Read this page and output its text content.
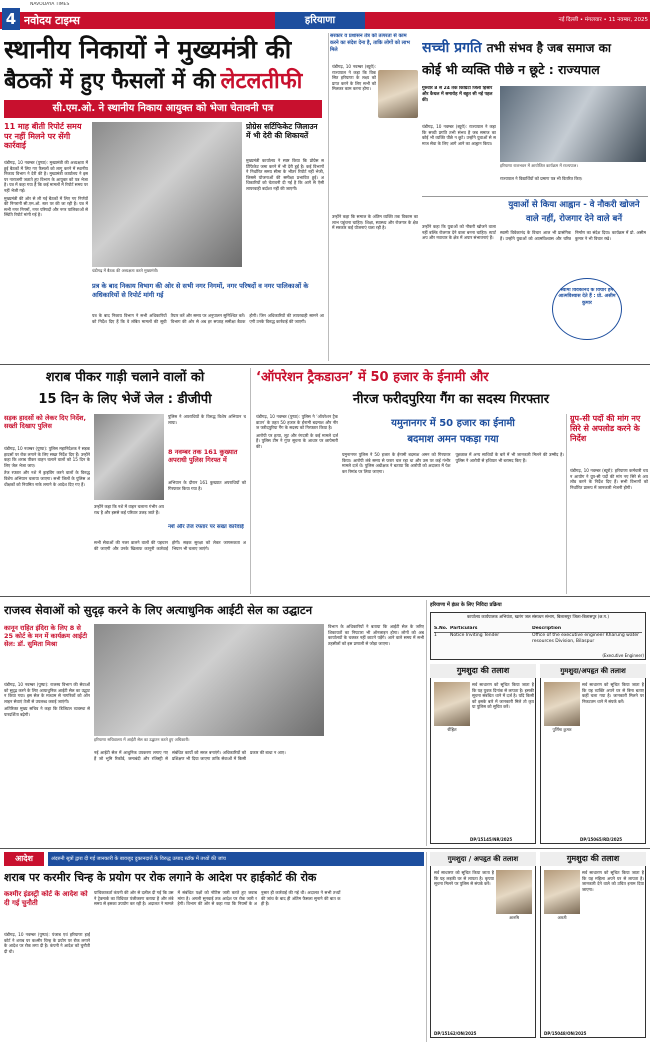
4 नवोदय टाइम्स
NAVODAYA TIMES
हरियाणा	नई दिल्ली • मंगलवार • 11 नवम्बर, 2025
स्थानीय निकायों ने मुख्यमंत्री की
बैठकों में हुए फैसलों में की लेटलतीफी
सी.एम.ओ. ने स्थानीय निकाय आयुक्त को भेजा चेतावनी पत्र
सरकार व प्रशासन तंत्र को तत्परता से काम करने का संदेश देना है, ताकि लोगों को लाभ मिले
11 माह बीती रिपोर्ट समय पर नहीं मिलने पर सेंगी कार्रवाई

चंडीगढ़, 10 नवम्बर (पुष्पा): मुख्यमंत्री की अध्यक्षता में हुई बैठकों में लिए गए फैसलों को लागू करने में स्थानीय निकाय विभाग ने देरी की है। मुख्यमंत्री कार्यालय ने इस पर नाराजगी जताते हुए विभाग के आयुक्त को पत्र भेजा है। पत्र में कहा गया है कि कई मामलों में रिपोर्ट समय पर नहीं भेजी गई।

मुख्यमंत्री की ओर से ली गई बैठकों में लिए गए निर्णयों की निगरानी सी.एम.ओ. स्तर पर की जा रही है। पत्र में सभी नगर निगमों, नगर परिषदों और नगर पालिकाओं से स्थिति रिपोर्ट मांगी गई है।

चंडीगढ़ में बैठक की अध्यक्षता करते मुख्यमंत्री।
प्रोग्रेस सर्टिफिकेट जिलाउन में भी देरी की शिकायतें

मुख्यमंत्री कार्यालय ने स्पष्ट किया कि प्रोग्रेस सर्टिफिकेट जमा करने में भी देरी हुई है। कई विभागों ने निर्धारित समय सीमा के भीतर रिपोर्ट नहीं भेजी, जिससे योजनाओं की समीक्षा प्रभावित हुई। अधिकारियों को चेतावनी दी गई है कि आगे से ऐसी लापरवाही बर्दाश्त नहीं की जाएगी।

प्रत्र के बाद निकाय विभाग की ओर से सभी नगर निगमों, नगर परिषदों व नगर पालिकाओं के अधिकारियों से रिपोर्ट मांगी गई

पत्र के बाद निकाय विभाग ने सभी अधिकारियों को निर्देश दिए हैं कि वे लंबित मामलों की सूची तैयार करें और समय पर अनुपालन सुनिश्चित करें। विभाग की ओर से अब हर सप्ताह समीक्षा बैठक होगी। जिन अधिकारियों की लापरवाही सामने आएगी उनके विरुद्ध कार्रवाई की जाएगी।

चंडीगढ़, 10 नवम्बर (ब्यूरो): राज्यपाल ने कहा कि विकसित हरियाणा के लक्ष्य को प्राप्त करने के लिए सभी को मिलकर काम करना होगा।

उन्होंने कहा कि समाज के अंतिम व्यक्ति तक विकास का लाभ पहुंचना चाहिए। शिक्षा, स्वास्थ्य और रोजगार के क्षेत्र में सरकार कई योजनाएं चला रही है।

सच्ची प्रगति तभी संभव है जब समाज का
कोई भी व्यक्ति पीछे न छूटे : राज्यपाल
गुरुवार 8 से 24 तक किंग्रिटा जिला हिसार और कैथल में समारोह में बहुत सी नई पहल की।

चंडीगढ़, 10 नवम्बर (ब्यूरो): राज्यपाल ने कहा कि सच्ची प्रगति तभी संभव है जब समाज का कोई भी व्यक्ति पीछे न छूटे। उन्होंने युवाओं से समाज सेवा के लिए आगे आने का आह्वान किया।

हरियाणा राजभवन में आयोजित कार्यक्रम में राज्यपाल।

राज्यपाल ने विद्यार्थियों को प्रमाण पत्र भी वितरित किए।

युवाओं से किया आह्वान - वे नौकरी खोजने
वाले नहीं, रोजगार देने वाले बनें

उन्होंने कहा कि युवाओं को नौकरी खोजने वाला नहीं बल्कि रोजगार देने वाला बनना चाहिए। स्टार्टअप और नवाचार के क्षेत्र में अपार संभावनाएं हैं।

स्वामी विवेकानंद के विचार आज भी प्रासंगिक हैं। उन्होंने युवाओं को आत्मविश्वास और चरित्र निर्माण का संदेश दिया। कार्यक्रम में प्रो. असीम कुमार ने भी विचार रखे।

स्वामी विवेकानंद के विचार हमें आत्मविश्वास देते हैं : प्रो. असीम कुमार
शराब पीकर गाड़ी चलाने वालों को
15 दिन के लिए भेजें जेल : डीजीपी
सड़क हादसों को लेकर दिए निर्देश, सख्ती दिखाए पुलिस

चंडीगढ़, 10 नवम्बर (पुष्पा): पुलिस महानिदेशक ने सड़क हादसों पर रोक लगाने के लिए सख्त निर्देश दिए हैं। उन्होंने कहा कि शराब पीकर वाहन चलाने वालों को 15 दिन के लिए जेल भेजा जाए।

तेज रफ्तार और नशे में ड्राइविंग करने वालों के विरुद्ध विशेष अभियान चलाया जाएगा। सभी जिलों के पुलिस अधीक्षकों को नियमित नाके लगाने के आदेश दिए गए हैं।

उन्होंने कहा कि नशे में वाहन चलाना गंभीर अपराध है और इससे कई परिवार उजड़ जाते हैं।

पुलिस ने अपराधियों के विरुद्ध विशेष अभियान चलाया।

8 नवम्बर तक 161 कुख्यात अपराधी पुलिस गिरफ्त में

अभियान के दौरान 161 कुख्यात अपराधियों को गिरफ्तार किया गया है।

नशे और तेज रफ्तार पर सख्त कार्रवाई

सभी सेवाओं की नजर डालने वालों की पहचान की जाएगी और उनके खिलाफ कानूनी कार्रवाई होगी। सड़क सुरक्षा को लेकर जागरूकता अभियान भी चलाए जाएंगे।

‘ऑपरेशन ट्रैकडाउन’ में 50 हजार के ईनामी और
नीरज फरीदपुरिया गैंग का सदस्य गिरफ्तार

चंडीगढ़, 10 नवम्बर (पुष्पा): पुलिस ने ‘ऑपरेशन ट्रैकडाउन’ के तहत 50 हजार के ईनामी बदमाश और नीरज फरीदपुरिया गैंग के सदस्य को गिरफ्तार किया है।

आरोपी पर हत्या, लूट और रंगदारी के कई मामले दर्ज हैं। पुलिस टीम ने गुप्त सूचना के आधार पर छापेमारी की।

यमुनानगर में 50 हजार का ईनामी
बदमाश अमन पकड़ा गया

यमुनानगर पुलिस ने 50 हजार के ईनामी बदमाश अमन को गिरफ्तार किया। आरोपी लंबे समय से फरार चल रहा था और उस पर कई गंभीर मामले दर्ज थे। पुलिस अधीक्षक ने बताया कि आरोपी को अदालत में पेश कर रिमांड पर लिया जाएगा।

पूछताछ में अन्य साथियों के बारे में भी जानकारी मिलने की उम्मीद है। पुलिस ने आरोपी से हथियार भी बरामद किए हैं।

ग्रुप-सी पदों की मांग नए सिरे से अपलोड करने के निर्देश

चंडीगढ़, 10 नवम्बर (ब्यूरो): हरियाणा कर्मचारी चयन आयोग ने ग्रुप-सी पदों की मांग नए सिरे से अपलोड करने के निर्देश दिए हैं। सभी विभागों को निर्धारित प्रारूप में जानकारी भेजनी होगी।

राजस्व सेवाओं को सुदृढ़ करने के लिए अत्याधुनिक आईटी सेल का उद्घाटन
कानून राहित इंदिरा के लिए 8 से 25 कोर्ट के मन में कार्यक्रम आईटी सेल: डॉ. सुमिता मिश्रा

चंडीगढ़, 10 नवम्बर (पुष्पा): राजस्व विभाग की सेवाओं को सुदृढ़ करने के लिए अत्याधुनिक आईटी सेल का उद्घाटन किया गया। इस सेल के माध्यम से नागरिकों को ऑनलाइन सेवाएं तेजी से उपलब्ध कराई जाएंगी।

अतिरिक्त मुख्य सचिव ने कहा कि डिजिटल व्यवस्था से पारदर्शिता बढ़ेगी।

हरियाणा सचिवालय में आईटी सेल का उद्घाटन करते हुए अधिकारी।

नई आईटी सेल में आधुनिक उपकरण लगाए गए हैं जो भूमि रिकॉर्ड, जमाबंदी और रजिस्ट्री से संबंधित कार्यों को सरल बनाएंगे। अधिकारियों को प्रशिक्षण भी दिया जाएगा ताकि सेवाओं में किसी प्रकार की बाधा न आए।

विभाग के अधिकारियों ने बताया कि आईटी सेल के जरिए शिकायतों का निपटारा भी ऑनलाइन होगा। लोगों को अब कार्यालयों के चक्कर नहीं काटने पड़ेंगे। आने वाले समय में सभी तहसीलों को इस प्रणाली से जोड़ा जाएगा।

हरियाणा में इंफ्रा के लिए निविदा प्रक्रिया
कार्यालय कार्यपालक अभियंता, खारंग जल संसाधन संभाग, बिलासपुर जिला-बिलासपुर (छ.ग.)
S.No. Particulars	Description
1	Notice Inviting Tender	Office of the executive engineer Kharung water resources Division, Bilaspur
(Executive Engineer)
गुमशुदा की तलाश
रोहित

सर्व साधारण को सूचित किया जाता है कि यह युवक दिनांक से लापता है। इसकी सूचना संबंधित थाने में दर्ज है। यदि किसी को इसके बारे में जानकारी मिले तो कृपया पुलिस को सूचित करें।

गुमशुदा/अपहृत की तलाश
पुर्णिमा कुमार

सर्व साधारण को सूचित किया जाता है कि यह व्यक्ति अपने घर से बिना बताए कहीं चला गया है। जानकारी मिलने पर निकटतम थाने में संपर्क करें।

आदेश	अंदरुनी सूत्रों द्वारा दी गई जानकारी के बावजूद दुकानदारों के विरुद्ध उत्पाद स्टॉक में तथ्यों की जांच
शराब पर करमीर चिन्ह के प्रयोग पर रोक लगाने के आदेश पर हाईकोर्ट की रोक
कश्मीर इंडस्ट्री कोर्ट के आदेश को दी गई चुनौती

चंडीगढ़, 10 नवम्बर (पुष्पा): पंजाब एवं हरियाणा हाईकोर्ट ने शराब पर कश्मीर चिन्ह के प्रयोग पर रोक लगाने के आदेश पर रोक लगा दी है। कंपनी ने आदेश को चुनौती दी थी।

याचिकाकर्ता कंपनी की ओर से दलील दी गई कि उसने ट्रेडमार्क का विधिवत पंजीकरण कराया है और लंबे समय से इसका उपयोग कर रही है। अदालत ने मामले में संबंधित पक्षों को नोटिस जारी करते हुए जवाब मांगा है। अगली सुनवाई तक आदेश पर रोक जारी रहेगी। विभाग की ओर से कहा गया कि नियमों के अनुसार ही कार्रवाई की गई थी। अदालत ने सभी तथ्यों की जांच के बाद ही अंतिम फैसला सुनाने की बात कही है।

गुमशुदा / अपहृत की तलाश
आरुषि

सर्व साधारण को सूचित किया जाता है कि यह लड़की घर से लापता है। कृपया सूचना मिलने पर पुलिस से संपर्क करें।

गुमशुदा की तलाश
आरती

सर्व साधारण को सूचित किया जाता है कि यह महिला अपने घर से लापता है। जानकारी देने वाले को उचित इनाम दिया जाएगा।

DP/15145/NR/2025	DP/15065/RD/2025
DP/15162/ON/2025	DP/15048/ON/2025
